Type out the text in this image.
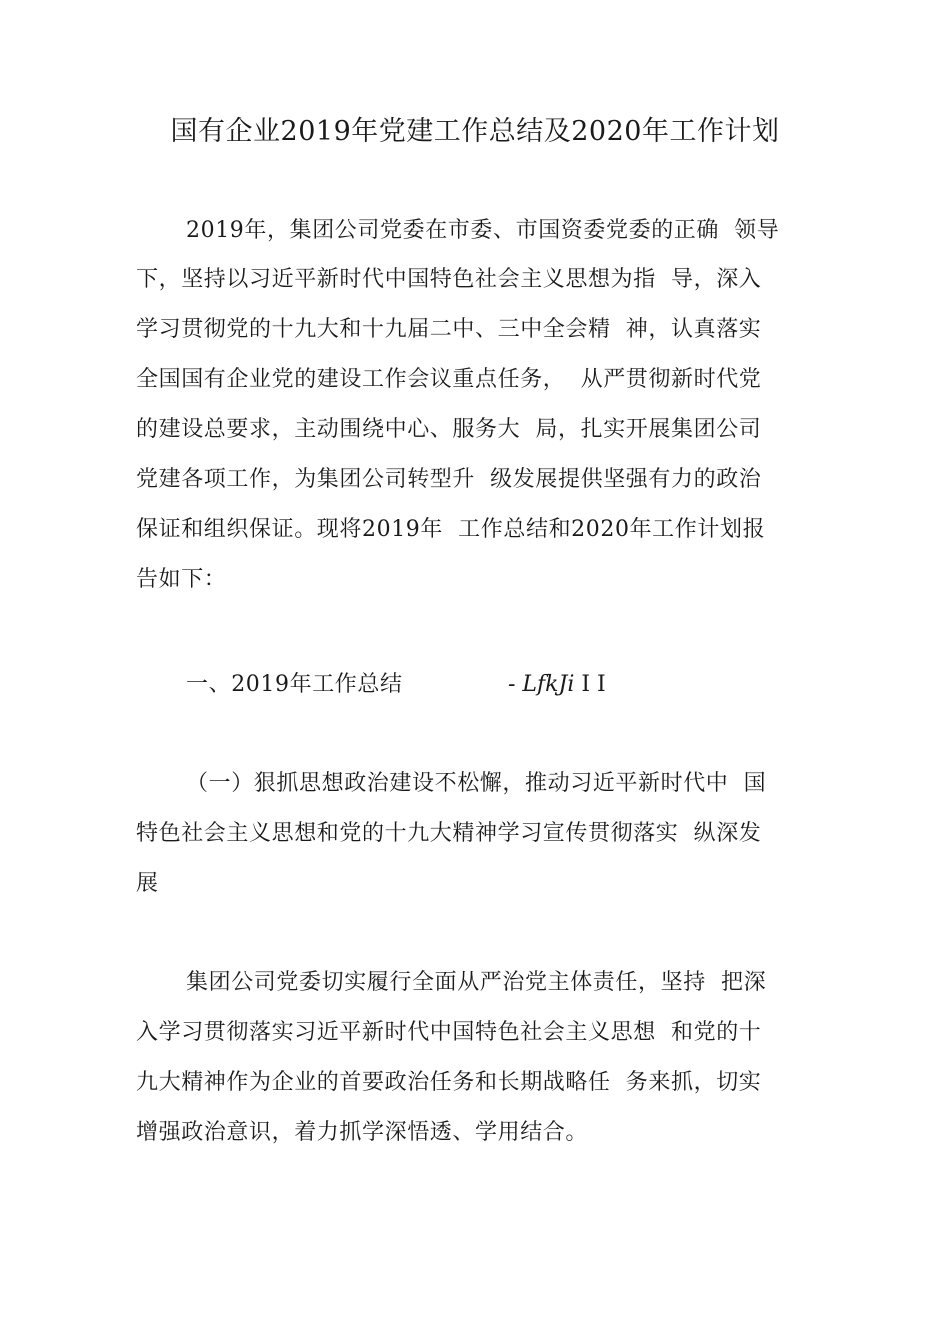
国有企业2019年党建工作总结及2020年工作计划
2019年，集团公司党委在市委、市国资委党委的正确  领导
下，坚持以习近平新时代中国特色社会主义思想为指  导，深入
学习贯彻党的十九大和十九届二中、三中全会精  神，认真落实
全国国有企业党的建设工作会议重点任务，  从严贯彻新时代党
的建设总要求，主动围绕中心、服务大  局，扎实开展集团公司
党建各项工作，为集团公司转型升  级发展提供坚强有力的政治
保证和组织保证。现将2019年  工作总结和2020年工作计划报
告如下：
一、2019年工作总结	- LfkJi I I
（一）狠抓思想政治建设不松懈，推动习近平新时代中  国
特色社会主义思想和党的十九大精神学习宣传贯彻落实  纵深发
展
集团公司党委切实履行全面从严治党主体责任，坚持  把深
入学习贯彻落实习近平新时代中国特色社会主义思想  和党的十
九大精神作为企业的首要政治任务和长期战略任  务来抓，切实
增强政治意识，着力抓学深悟透、学用结合。
